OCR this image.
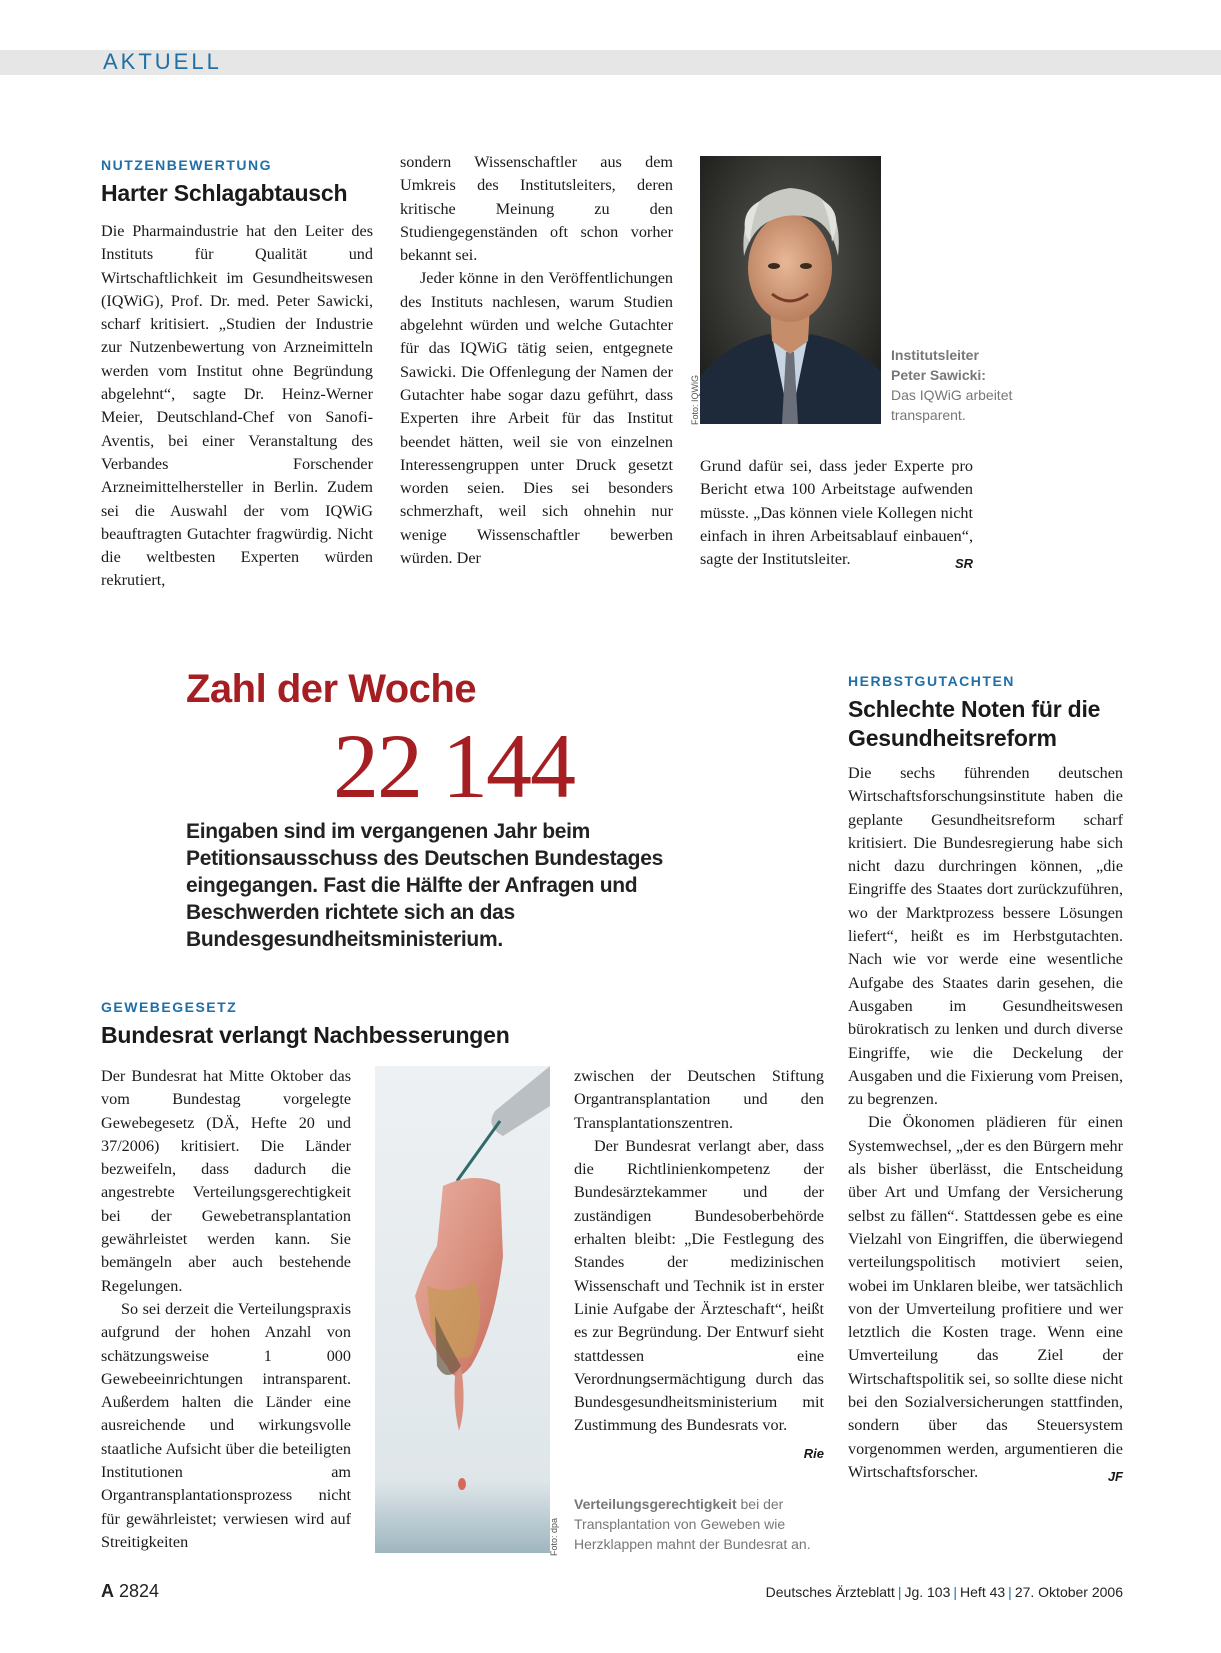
AKTUELL
NUTZENBEWERTUNG
Harter Schlagabtausch

Die Pharmaindustrie hat den Leiter des Instituts für Qualität und Wirtschaftlichkeit im Gesundheitswesen (IQWiG), Prof. Dr. med. Peter Sawicki, scharf kritisiert. „Studien der Industrie zur Nutzenbewertung von Arzneimitteln werden vom Institut ohne Begründung abgelehnt“, sagte Dr. Heinz-Werner Meier, Deutschland-Chef von Sanofi-Aventis, bei einer Veranstaltung des Verbandes Forschender Arzneimittelhersteller in Berlin. Zudem sei die Auswahl der vom IQWiG beauftragten Gutachter fragwürdig. Nicht die weltbesten Experten würden rekrutiert,

sondern Wissenschaftler aus dem Umkreis des Institutsleiters, deren kritische Meinung zu den Studiengegenständen oft schon vorher bekannt sei.

Jeder könne in den Veröffentlichungen des Instituts nachlesen, warum Studien abgelehnt würden und welche Gutachter für das IQWiG tätig seien, entgegnete Sawicki. Die Offenlegung der Namen der Gutachter habe sogar dazu geführt, dass Experten ihre Arbeit für das Institut beendet hätten, weil sie von einzelnen Interessengruppen unter Druck gesetzt worden seien. Dies sei besonders schmerzhaft, weil sich ohnehin nur wenige Wissenschaftler bewerben würden. Der

Foto: IQWiG
Institutsleiter
Peter Sawicki:
Das IQWiG arbeitet transparent.

Grund dafür sei, dass jeder Experte pro Bericht etwa 100 Arbeitstage aufwenden müsste. „Das können viele Kollegen nicht einfach in ihren Arbeitsablauf einbauen“, sagte der Institutsleiter.	SR

Zahl der Woche
22 144
Eingaben sind im vergangenen Jahr beim Petitionsausschuss des Deutschen Bundestages eingegangen. Fast die Hälfte der Anfragen und Beschwerden richtete sich an das Bundesgesundheitsministerium.
HERBSTGUTACHTEN
Schlechte Noten für die Gesundheitsreform

Die sechs führenden deutschen Wirtschaftsforschungsinstitute haben die geplante Gesundheitsreform scharf kritisiert. Die Bundesregierung habe sich nicht dazu durchringen können, „die Eingriffe des Staates dort zurückzuführen, wo der Marktprozess bessere Lösungen liefert“, heißt es im Herbstgutachten. Nach wie vor werde eine wesentliche Aufgabe des Staates darin gesehen, die Ausgaben im Gesundheitswesen bürokratisch zu lenken und durch diverse Eingriffe, wie die Deckelung der Ausgaben und die Fixierung vom Preisen, zu begrenzen.

Die Ökonomen plädieren für einen Systemwechsel, „der es den Bürgern mehr als bisher überlässt, die Entscheidung über Art und Umfang der Versicherung selbst zu fällen“. Stattdessen gebe es eine Vielzahl von Eingriffen, die überwiegend verteilungspolitisch motiviert seien, wobei im Unklaren bleibe, wer tatsächlich von der Umverteilung profitiere und wer letztlich die Kosten trage. Wenn eine Umverteilung das Ziel der Wirtschaftspolitik sei, so sollte diese nicht bei den Sozialversicherungen stattfinden, sondern über das Steuersystem vorgenommen werden, argumentieren die Wirtschaftsforscher.	JF

GEWEBEGESETZ
Bundesrat verlangt Nachbesserungen

Der Bundesrat hat Mitte Oktober das vom Bundestag vorgelegte Gewebegesetz (DÄ, Hefte 20 und 37/2006) kritisiert. Die Länder bezweifeln, dass dadurch die angestrebte Verteilungsgerechtigkeit bei der Gewebetransplantation gewährleistet werden kann. Sie bemängeln aber auch bestehende Regelungen.

So sei derzeit die Verteilungspraxis aufgrund der hohen Anzahl von schätzungsweise 1 000 Gewebeeinrichtungen intransparent. Außerdem halten die Länder eine ausreichende und wirkungsvolle staatliche Aufsicht über die beteiligten Institutionen am Organtransplantationsprozess nicht für gewährleistet; verwiesen wird auf Streitigkeiten	Foto: dpa

zwischen der Deutschen Stiftung Organtransplantation und den Transplantationszentren.

Der Bundesrat verlangt aber, dass die Richtlinienkompetenz der Bundesärztekammer und der zuständigen Bundesoberbehörde erhalten bleibt: „Die Festlegung des Standes der medizinischen Wissenschaft und Technik ist in erster Linie Aufgabe der Ärzteschaft“, heißt es zur Begründung. Der Entwurf sieht stattdessen eine Verordnungsermächtigung durch das Bundesgesundheitsministerium mit Zustimmung des Bundesrats vor.
Rie

Verteilungsgerechtigkeit bei der Transplantation von Geweben wie Herzklappen mahnt der Bundesrat an.
A 2824	Deutsches Ärzteblatt | Jg. 103 | Heft 43 | 27. Oktober 2006
